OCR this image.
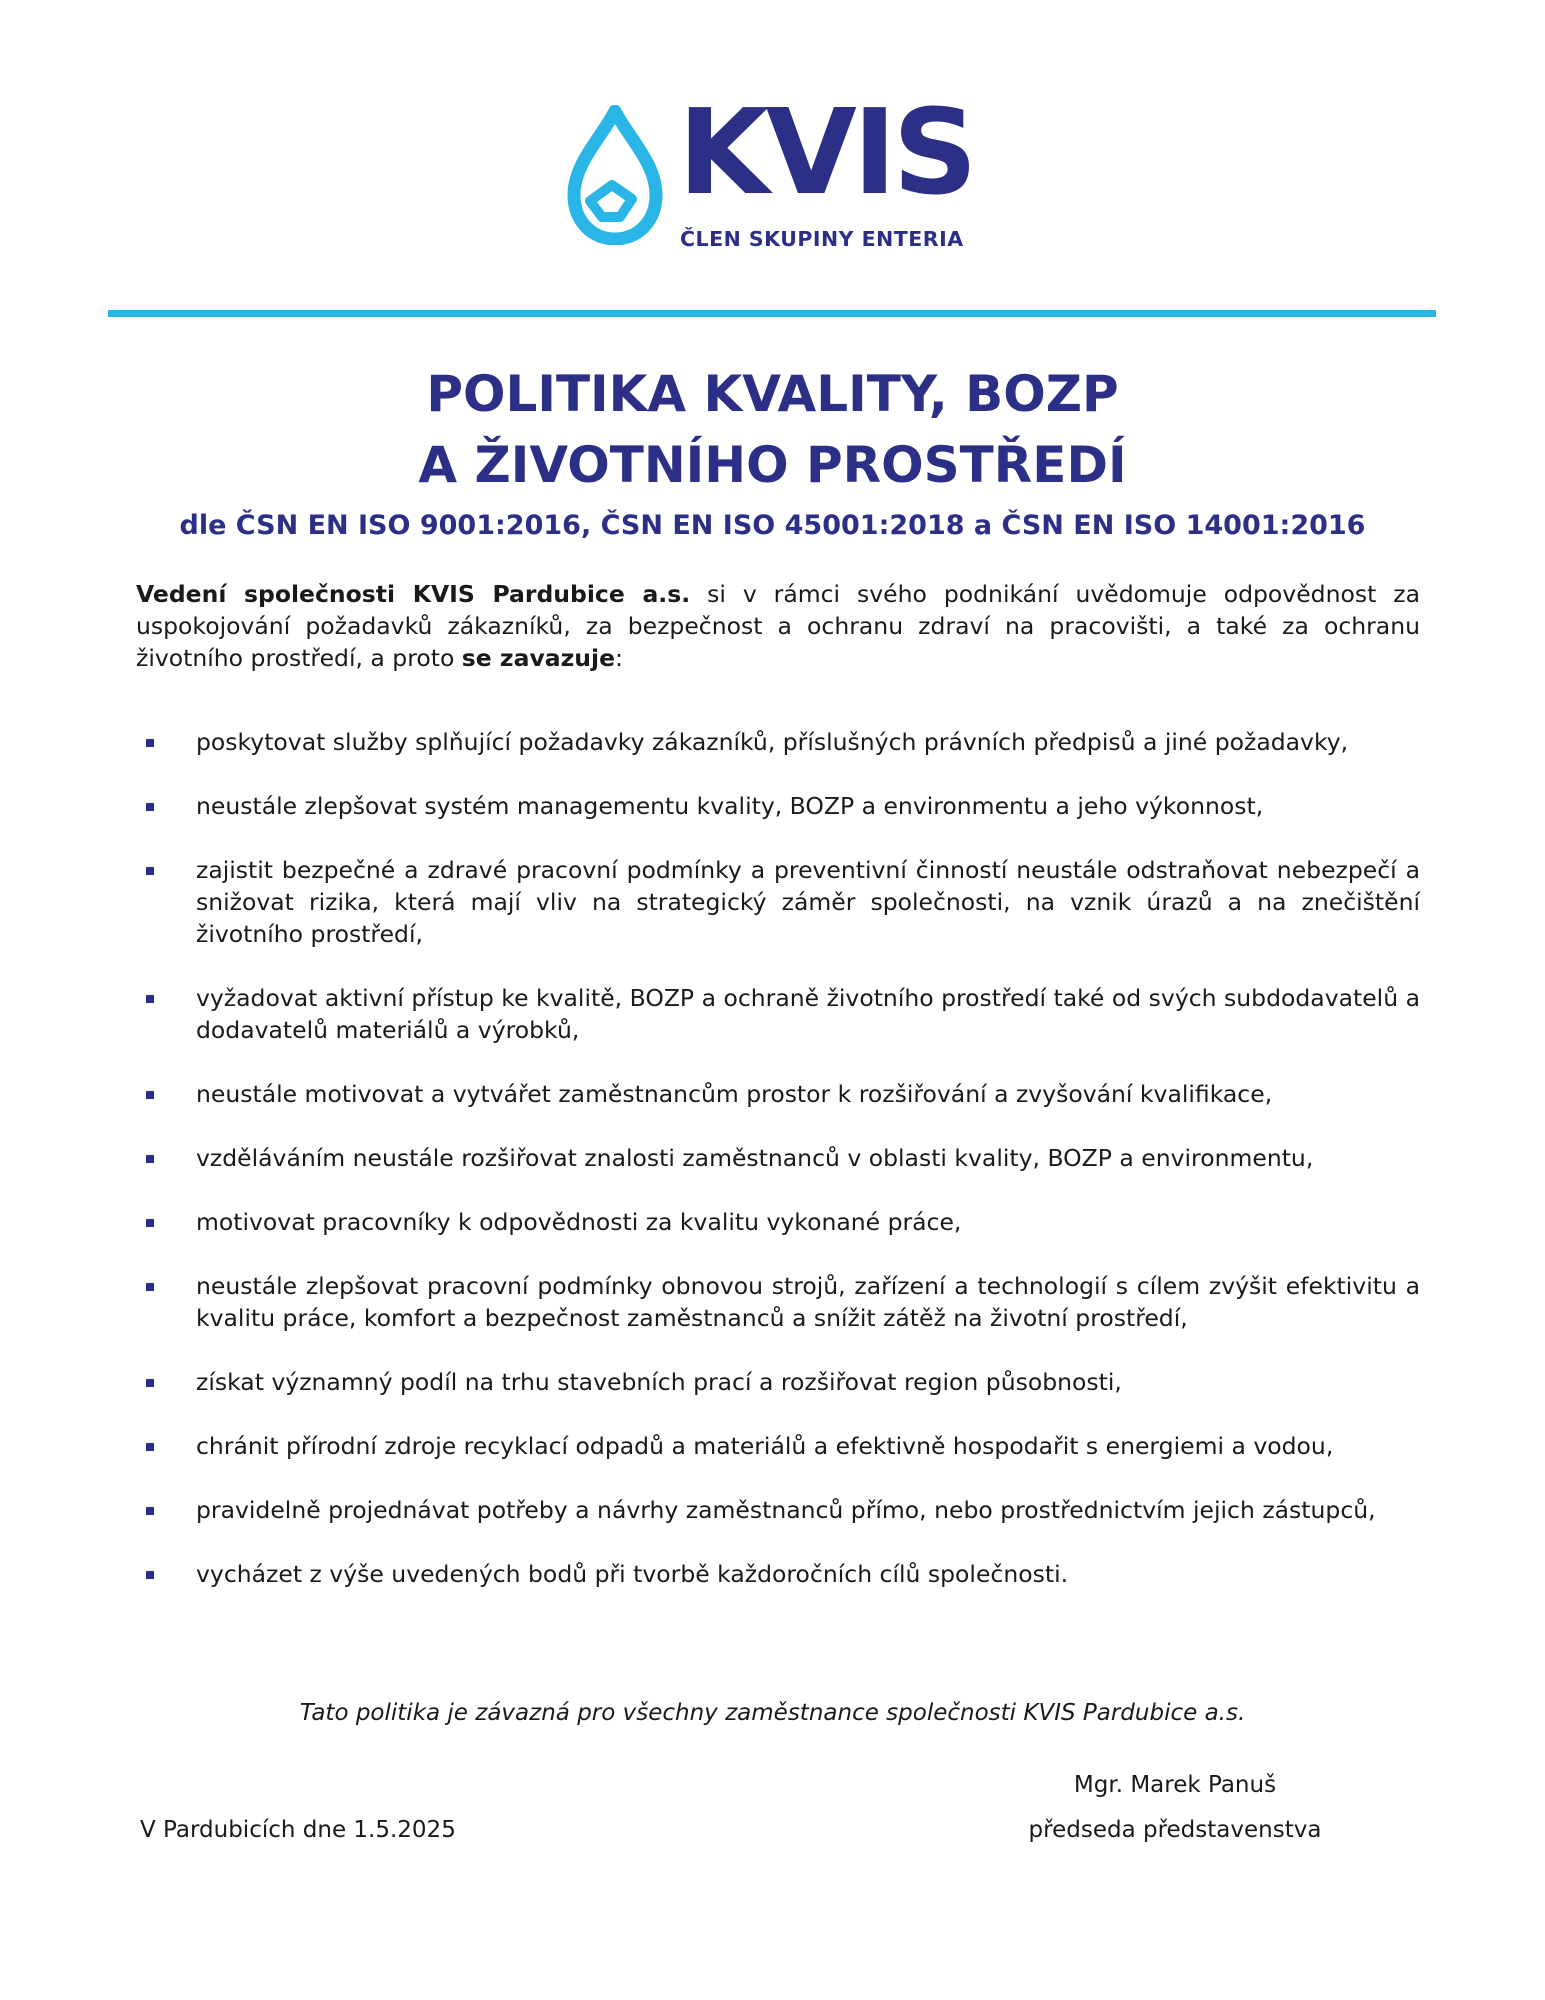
KVIS
ČLEN SKUPINY ENTERIA
POLITIKA KVALITY, BOZP
A ŽIVOTNÍHO PROSTŘEDÍ
dle ČSN EN ISO 9001:2016, ČSN EN ISO 45001:2018 a ČSN EN ISO 14001:2016

Vedení společnosti KVIS Pardubice a.s. si v rámci svého podnikání uvědomuje odpovědnost za uspokojování požadavků zákazníků, za bezpečnost a ochranu zdraví na pracovišti, a také za ochranu životního prostředí, a proto se zavazuje:

poskytovat služby splňující požadavky zákazníků, příslušných právních předpisů a jiné požadavky,
neustále zlepšovat systém managementu kvality, BOZP a environmentu a jeho výkonnost,
zajistit bezpečné a zdravé pracovní podmínky a preventivní činností neustále odstraňovat nebezpečí a snižovat rizika, která mají vliv na strategický záměr společnosti, na vznik úrazů a na znečištění životního prostředí,
vyžadovat aktivní přístup ke kvalitě, BOZP a ochraně životního prostředí také od svých subdodavatelů a dodavatelů materiálů a výrobků,
neustále motivovat a vytvářet zaměstnancům prostor k rozšiřování a zvyšování kvalifikace,
vzděláváním neustále rozšiřovat znalosti zaměstnanců v oblasti kvality, BOZP a environmentu,
motivovat pracovníky k odpovědnosti za kvalitu vykonané práce,
neustále zlepšovat pracovní podmínky obnovou strojů, zařízení a technologií s cílem zvýšit efektivitu a kvalitu práce, komfort a bezpečnost zaměstnanců a snížit zátěž na životní prostředí,
získat významný podíl na trhu stavebních prací a rozšiřovat region působnosti,
chránit přírodní zdroje recyklací odpadů a materiálů a efektivně hospodařit s energiemi a vodou,
pravidelně projednávat potřeby a návrhy zaměstnanců přímo, nebo prostřednictvím jejich zástupců,
vycházet z výše uvedených bodů při tvorbě každoročních cílů společnosti.
Tato politika je závazná pro všechny zaměstnance společnosti KVIS Pardubice a.s.
V Pardubicích dne 1.5.2025
Mgr. Marek Panuš
předseda představenstva
